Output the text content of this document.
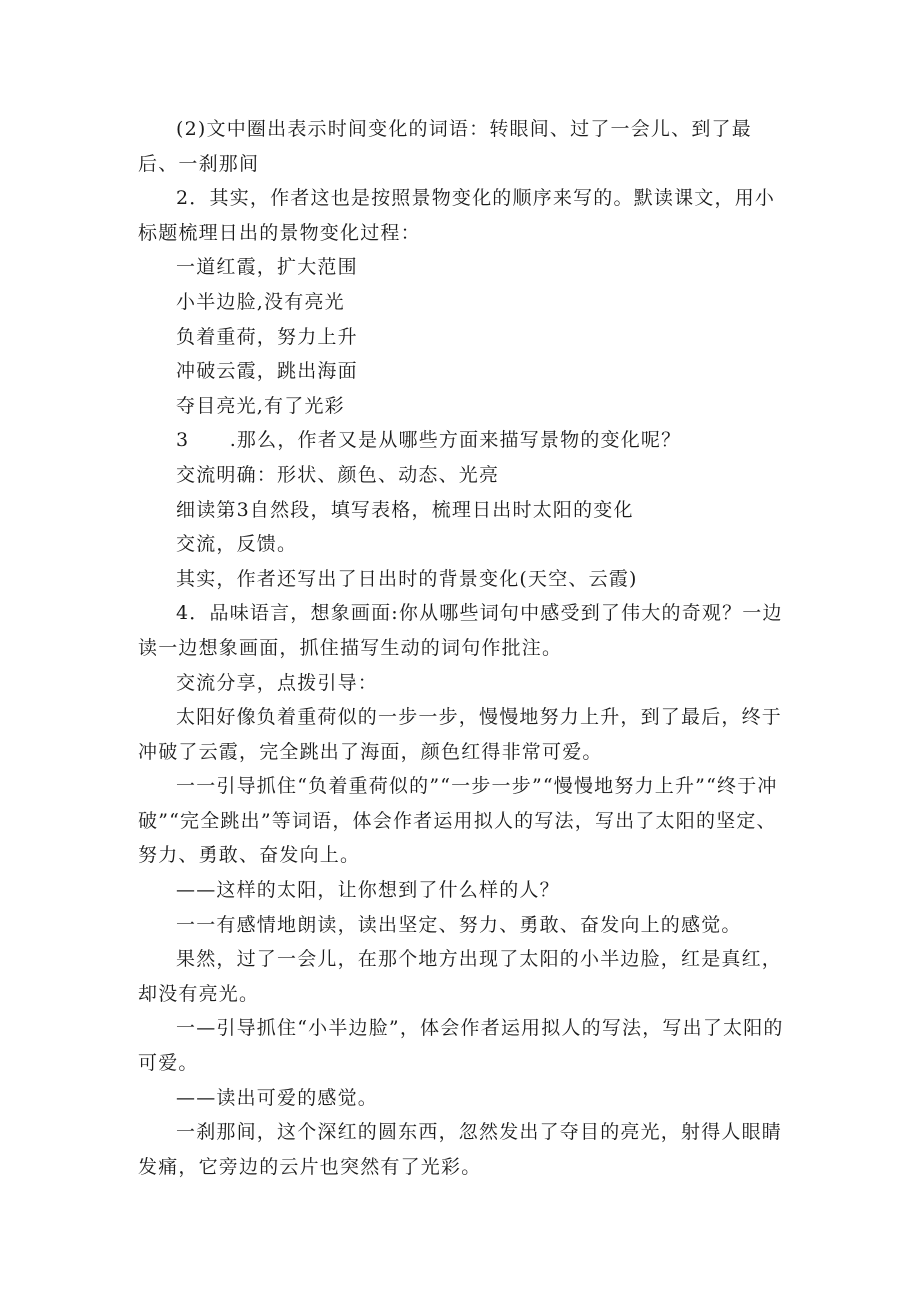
(2)文中圈出表示时间变化的词语：转眼间、过了一会儿、到了最后、一刹那间

2．其实，作者这也是按照景物变化的顺序来写的。默读课文，用小标题梳理日出的景物变化过程：

一道红霞，扩大范围

小半边脸,没有亮光

负着重荷，努力上升

冲破云霞，跳出海面

夺目亮光,有了光彩

3　　.那么，作者又是从哪些方面来描写景物的变化呢？

交流明确：形状、颜色、动态、光亮

细读第3自然段，填写表格，梳理日出时太阳的变化

交流，反馈。

其实，作者还写出了日出时的背景变化(天空、云霞)

4．品味语言，想象画面:你从哪些词句中感受到了伟大的奇观？一边读一边想象画面，抓住描写生动的词句作批注。

交流分享，点拨引导：

太阳好像负着重荷似的一步一步，慢慢地努力上升，到了最后，终于冲破了云霞，完全跳出了海面，颜色红得非常可爱。

一一引导抓住“负着重荷似的”“一步一步”“慢慢地努力上升”“终于冲破”“完全跳出”等词语，体会作者运用拟人的写法，写出了太阳的坚定、努力、勇敢、奋发向上。

——这样的太阳，让你想到了什么样的人？

一一有感情地朗读，读出坚定、努力、勇敢、奋发向上的感觉。

果然，过了一会儿，在那个地方出现了太阳的小半边脸，红是真红，却没有亮光。

一—引导抓住“小半边脸”，体会作者运用拟人的写法，写出了太阳的可爱。

——读出可爱的感觉。

一刹那间，这个深红的圆东西，忽然发出了夺目的亮光，射得人眼睛发痛，它旁边的云片也突然有了光彩。
